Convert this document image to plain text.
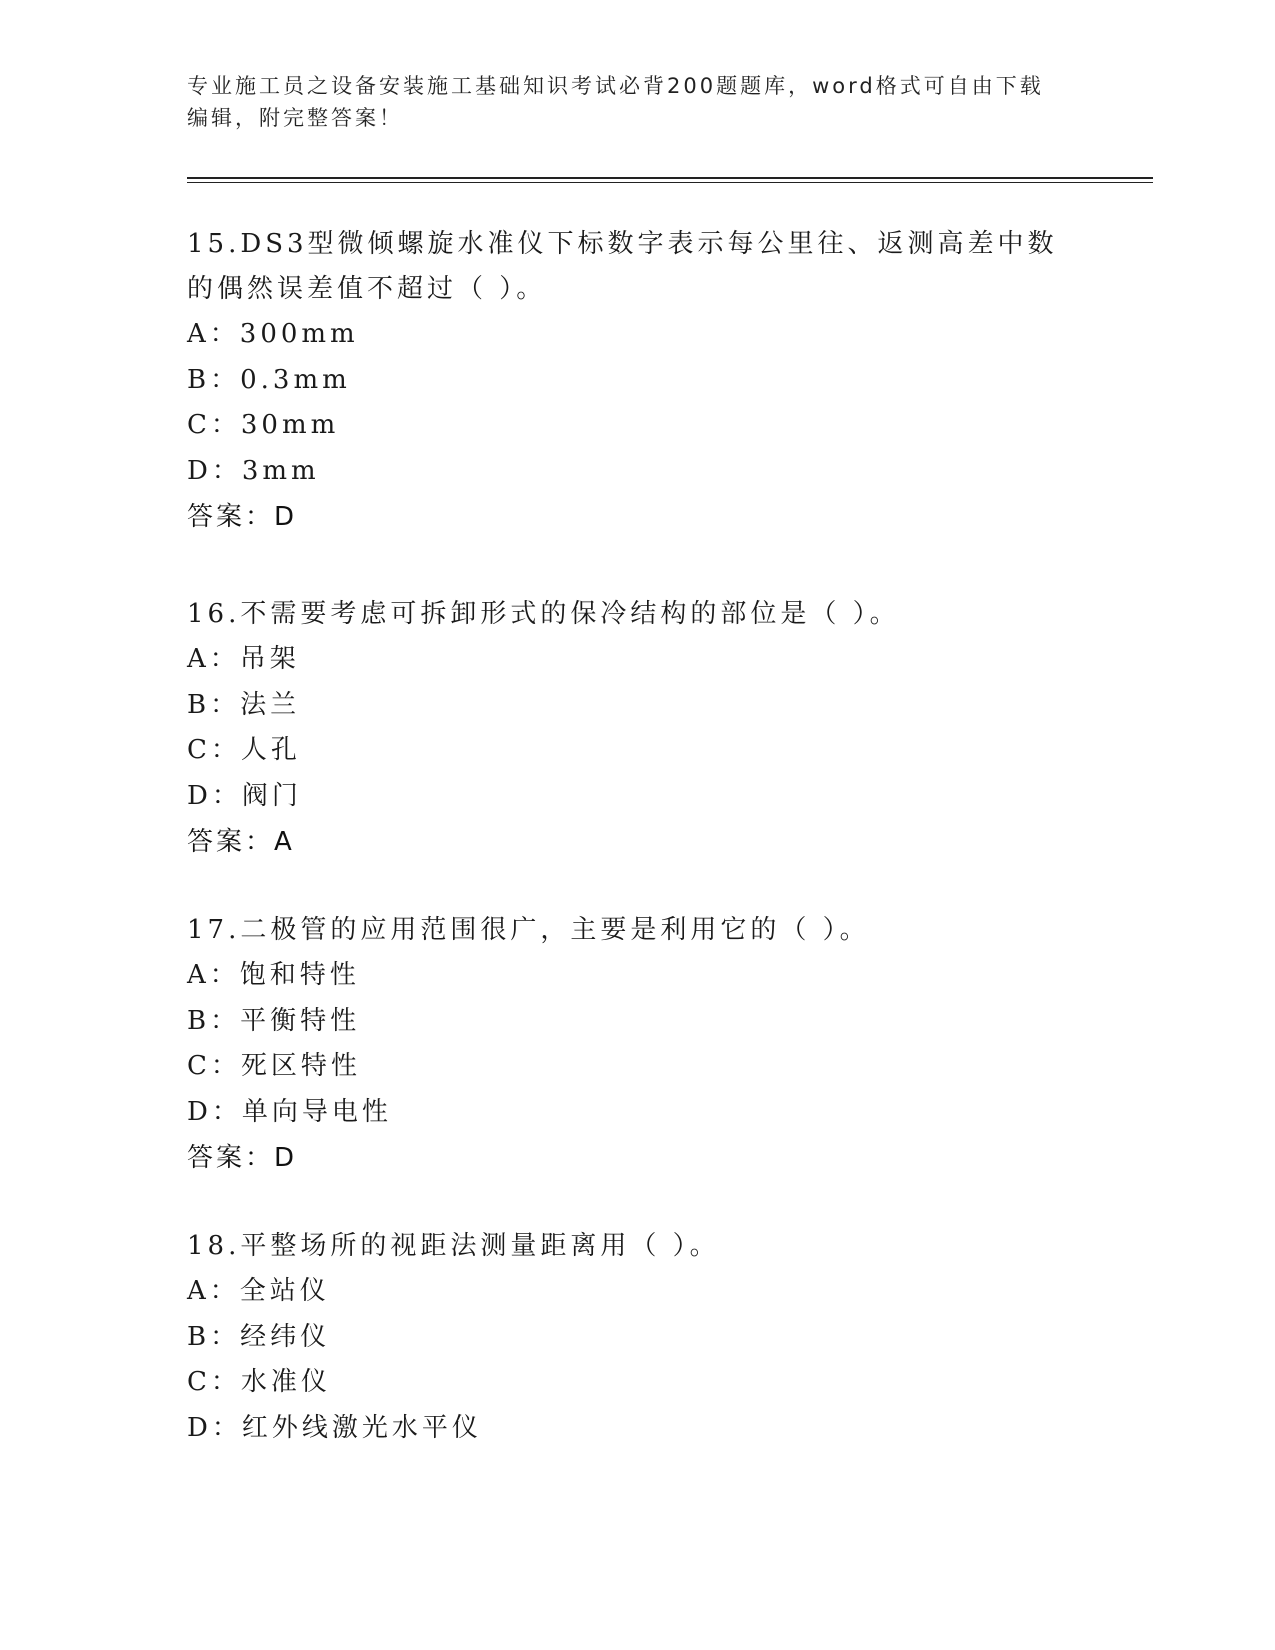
专业施工员之设备安装施工基础知识考试必背200题题库，word格式可自由下载编辑，附完整答案！
15.DS3型微倾螺旋水准仪下标数字表示每公里往、返测高差中数的偶然误差值不超过（ ）。
A：300mm
B：0.3mm
C：30mm
D：3mm
答案：D
16.不需要考虑可拆卸形式的保冷结构的部位是（ ）。
A：吊架
B：法兰
C：人孔
D：阀门
答案：A
17.二极管的应用范围很广，主要是利用它的（ ）。
A：饱和特性
B：平衡特性
C：死区特性
D：单向导电性
答案：D
18.平整场所的视距法测量距离用（ ）。
A：全站仪
B：经纬仪
C：水准仪
D：红外线激光水平仪
